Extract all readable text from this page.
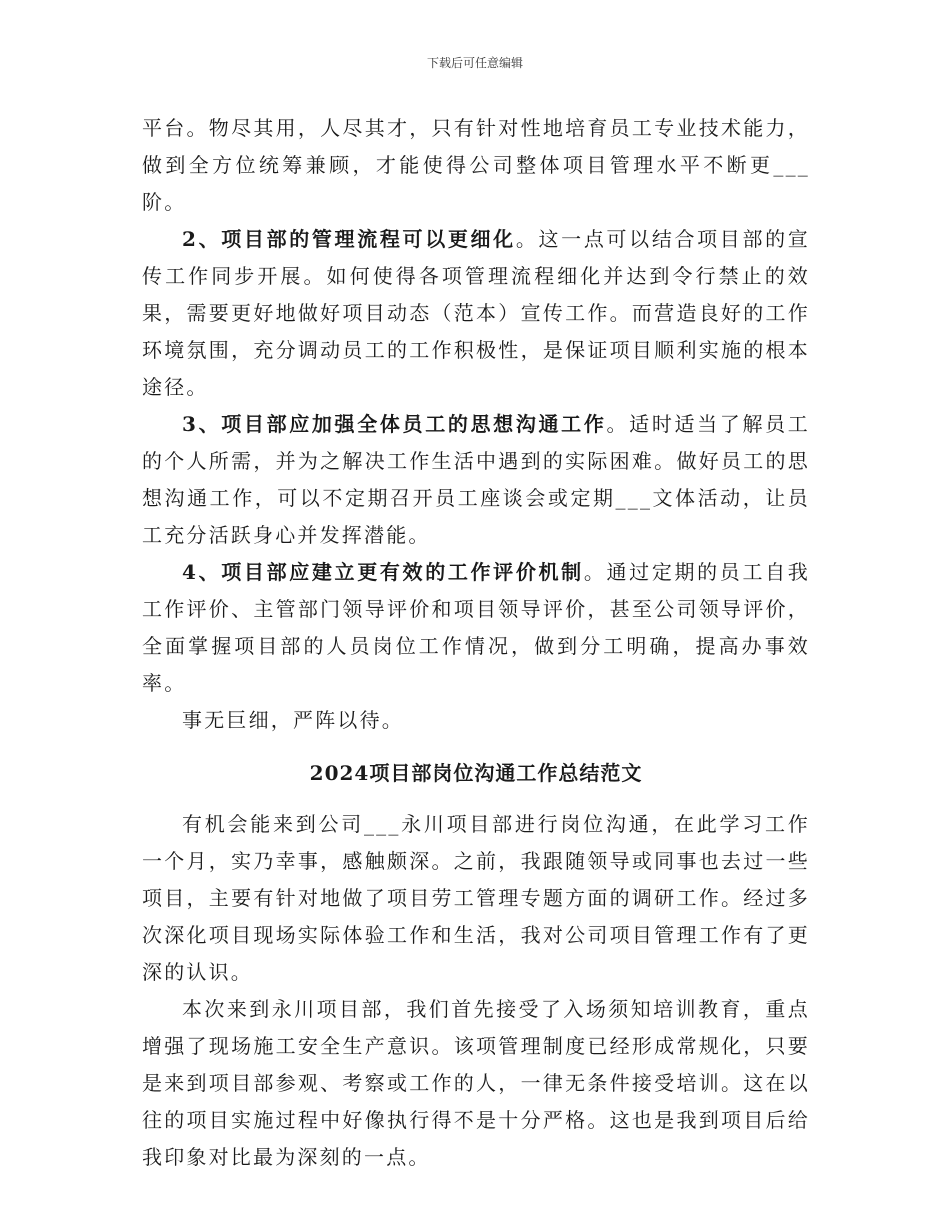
下载后可任意编辑

平台。物尽其用，人尽其才，只有针对性地培育员工专业技术能力，做到全方位统筹兼顾，才能使得公司整体项目管理水平不断更___阶。

2、项目部的管理流程可以更细化。这一点可以结合项目部的宣传工作同步开展。如何使得各项管理流程细化并达到令行禁止的效果，需要更好地做好项目动态（范本）宣传工作。而营造良好的工作环境氛围，充分调动员工的工作积极性，是保证项目顺利实施的根本途径。

3、项目部应加强全体员工的思想沟通工作。适时适当了解员工的个人所需，并为之解决工作生活中遇到的实际困难。做好员工的思想沟通工作，可以不定期召开员工座谈会或定期___文体活动，让员工充分活跃身心并发挥潜能。

4、项目部应建立更有效的工作评价机制。通过定期的员工自我工作评价、主管部门领导评价和项目领导评价，甚至公司领导评价，全面掌握项目部的人员岗位工作情况，做到分工明确，提高办事效率。

事无巨细，严阵以待。

2024项目部岗位沟通工作总结范文

有机会能来到公司___永川项目部进行岗位沟通，在此学习工作一个月，实乃幸事，感触颇深。之前，我跟随领导或同事也去过一些项目，主要有针对地做了项目劳工管理专题方面的调研工作。经过多次深化项目现场实际体验工作和生活，我对公司项目管理工作有了更深的认识。

本次来到永川项目部，我们首先接受了入场须知培训教育，重点增强了现场施工安全生产意识。该项管理制度已经形成常规化，只要是来到项目部参观、考察或工作的人，一律无条件接受培训。这在以往的项目实施过程中好像执行得不是十分严格。这也是我到项目后给我印象对比最为深刻的一点。
